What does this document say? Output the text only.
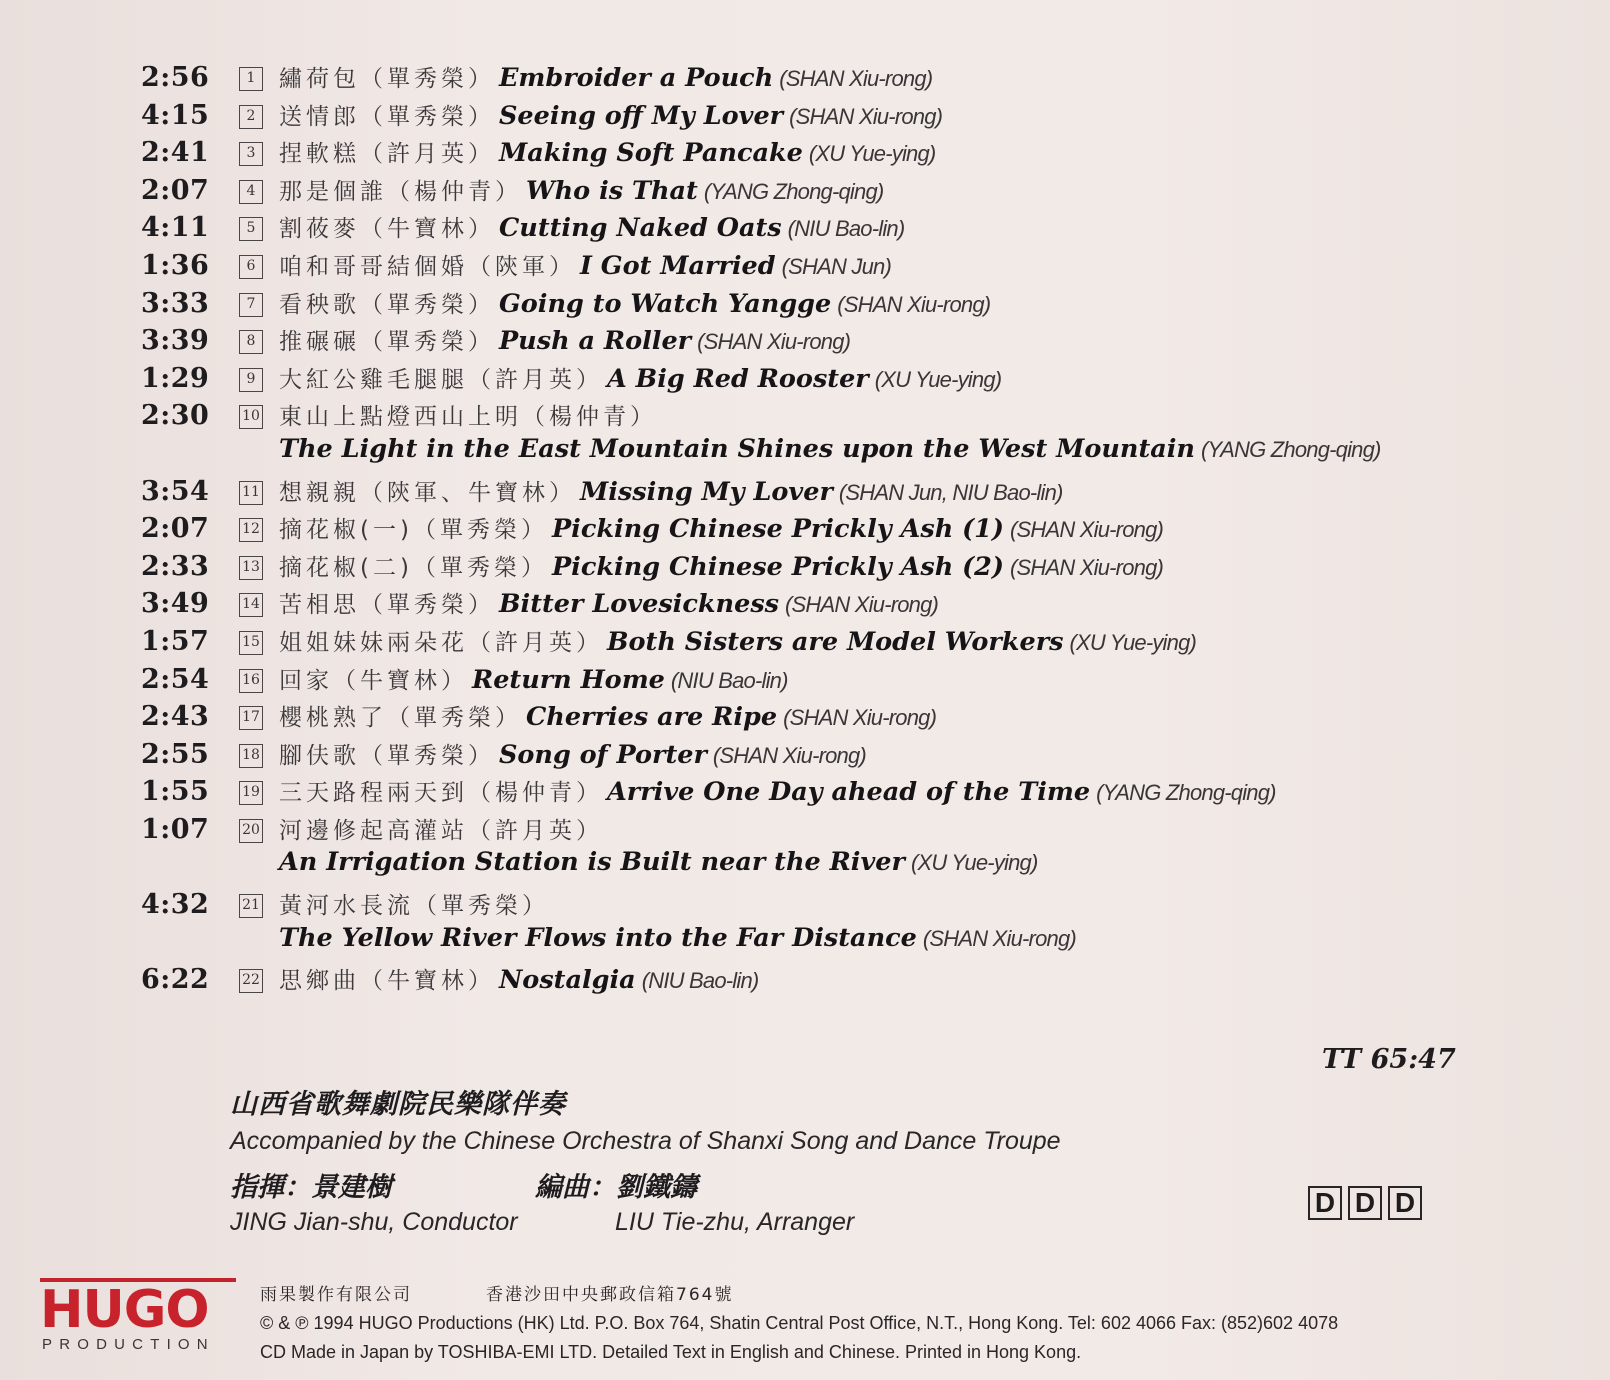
2:56	1	繡荷包（單秀榮） Embroider a Pouch (SHAN Xiu-rong)
4:15	2	送情郎（單秀榮） Seeing off My Lover (SHAN Xiu-rong)
2:41	3	捏軟糕（許月英） Making Soft Pancake (XU Yue-ying)
2:07	4	那是個誰（楊仲青） Who is That (YANG Zhong-qing)
4:11	5	割莜麥（牛寶林） Cutting Naked Oats (NIU Bao-lin)
1:36	6	咱和哥哥結個婚（陝軍） I Got Married (SHAN Jun)
3:33	7	看秧歌（單秀榮） Going to Watch Yangge (SHAN Xiu-rong)
3:39	8	推碾碾（單秀榮） Push a Roller (SHAN Xiu-rong)
1:29	9	大紅公雞毛腿腿（許月英） A Big Red Rooster (XU Yue-ying)
2:30	10 東山上點燈西山上明（楊仲青）
The Light in the East Mountain Shines upon the West Mountain (YANG Zhong-qing)
3:54	11 想親親（陝軍、牛寶林） Missing My Lover (SHAN Jun, NIU Bao-lin)
2:07	12 摘花椒(一)（單秀榮） Picking Chinese Prickly Ash (1) (SHAN Xiu-rong)
2:33	13 摘花椒(二)（單秀榮） Picking Chinese Prickly Ash (2) (SHAN Xiu-rong)
3:49	14 苦相思（單秀榮） Bitter Lovesickness (SHAN Xiu-rong)
1:57	15 姐姐妹妹兩朵花（許月英） Both Sisters are Model Workers (XU Yue-ying)
2:54	16 回家（牛寶林） Return Home (NIU Bao-lin)
2:43	17 櫻桃熟了（單秀榮） Cherries are Ripe (SHAN Xiu-rong)
2:55	18 腳伕歌（單秀榮） Song of Porter (SHAN Xiu-rong)
1:55	19 三天路程兩天到（楊仲青） Arrive One Day ahead of the Time (YANG Zhong-qing)
1:07	20 河邊修起高灌站（許月英）
An Irrigation Station is Built near the River (XU Yue-ying)
4:32	21 黃河水長流（單秀榮）
The Yellow River Flows into the Far Distance (SHAN Xiu-rong)
6:22	22 思鄉曲（牛寶林） Nostalgia (NIU Bao-lin)
TT 65:47
山西省歌舞劇院民樂隊伴奏
Accompanied by the Chinese Orchestra of Shanxi Song and Dance Troupe
指揮：景建樹	編曲：劉鐵鑄
JING Jian-shu, Conductor	LIU Tie-zhu, Arranger
D D D
HUGO
PRODUCTION
雨果製作有限公司	香港沙田中央郵政信箱764號
© & ℗ 1994 HUGO Productions (HK) Ltd. P.O. Box 764, Shatin Central Post Office, N.T., Hong Kong. Tel: 602 4066 Fax: (852)602 4078
CD Made in Japan by TOSHIBA-EMI LTD. Detailed Text in English and Chinese. Printed in Hong Kong.
